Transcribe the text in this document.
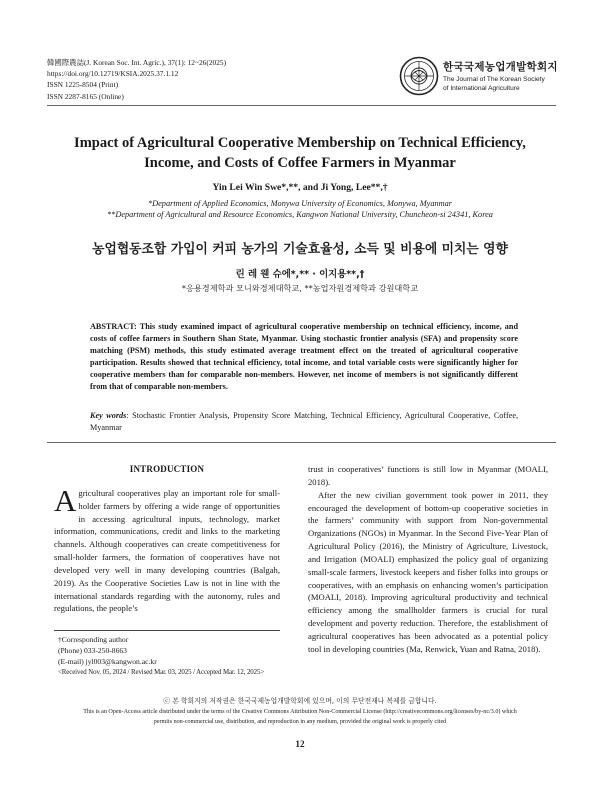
韓國際農誌(J. Korean Soc. Int. Agric.), 37(1): 12~26(2025)
https://doi.org/10.12719/KSIA.2025.37.1.12
ISSN 1225-8504 (Print)
ISSN 2287-8165 (Online)
한국국제농업개발학회지
The Journal of The Korean Society
of International Agriculture
Impact of Agricultural Cooperative Membership on Technical Efficiency,
Income, and Costs of Coffee Farmers in Myanmar
Yin Lei Win Swe*,**, and Ji Yong, Lee**,†
*Department of Applied Economics, Monywa University of Economics, Monywa, Myanmar
**Department of Agricultural and Resource Economics, Kangwon National University, Chuncheon-si 24341, Korea
농업협동조합 가입이 커피 농가의 기술효율성, 소득 및 비용에 미치는 영향
린 레 웬 슈에*,** · 이지용**,†
*응용경제학과 모니와경제대학교, **농업자원경제학과 강원대학교
ABSTRACT: This study examined impact of agricultural cooperative membership on technical efficiency, income, and costs of coffee farmers in Southern Shan State, Myanmar. Using stochastic frontier analysis (SFA) and propensity score matching (PSM) methods, this study estimated average treatment effect on the treated of agricultural cooperative participation. Results showed that technical efficiency, total income, and total variable costs were significantly higher for cooperative members than for comparable non-members. However, net income of members is not significantly different from that of comparable non-members.
Key words: Stochastic Frontier Analysis, Propensity Score Matching, Technical Efficiency, Agricultural Cooperative, Coffee, Myanmar
INTRODUCTION

Agricultural cooperatives play an important role for small-holder farmers by offering a wide range of opportunities in accessing agricultural inputs, technology, market information, communications, credit and links to the marketing channels. Although cooperatives can create competitiveness for small-holder farmers, the formation of cooperatives have not developed very well in many developing countries (Balgah, 2019). As the Cooperative Societies Law is not in line with the international standards regarding with the autonomy, rules and regulations, the people’s

trust in cooperatives’ functions is still low in Myanmar (MOALI, 2018).

After the new civilian government took power in 2011, they encouraged the development of bottom-up cooperative societies in the farmers’ community with support from Non-governmental Organizations (NGOs) in Myanmar. In the Second Five-Year Plan of Agricultural Policy (2016), the Ministry of Agriculture, Livestock, and Irrigation (MOALI) emphasized the policy goal of organizing small-scale farmers, livestock keepers and fisher folks into groups or cooperatives, with an emphasis on enhancing women’s participation (MOALI, 2018). Improving agricultural productivity and technical efficiency among the smallholder farmers is crucial for rural development and poverty reduction. Therefore, the establishment of agricultural cooperatives has been advocated as a potential policy tool in developing countries (Ma, Renwick, Yuan and Ratna, 2018).

†Corresponding author
(Phone) 033-250-8663
(E-mail) jyl003@kangwon.ac.kr
<Received Nov. 05, 2024 / Revised Mar. 03, 2025 / Accepted Mar. 12, 2025>
ⓒ 본 학회지의 저작권은 한국국제농업개발학회에 있으며, 이의 무단전재나 복제를 금합니다.
This is an Open-Access article distributed under the terms of the Creative Commons Attribution Non-Commercial License (http://creativecommons.org/licenses/by-nc/3.0) which
permits non-commercial use, distribution, and reproduction in any medium, provided the original work is properly cited
12
